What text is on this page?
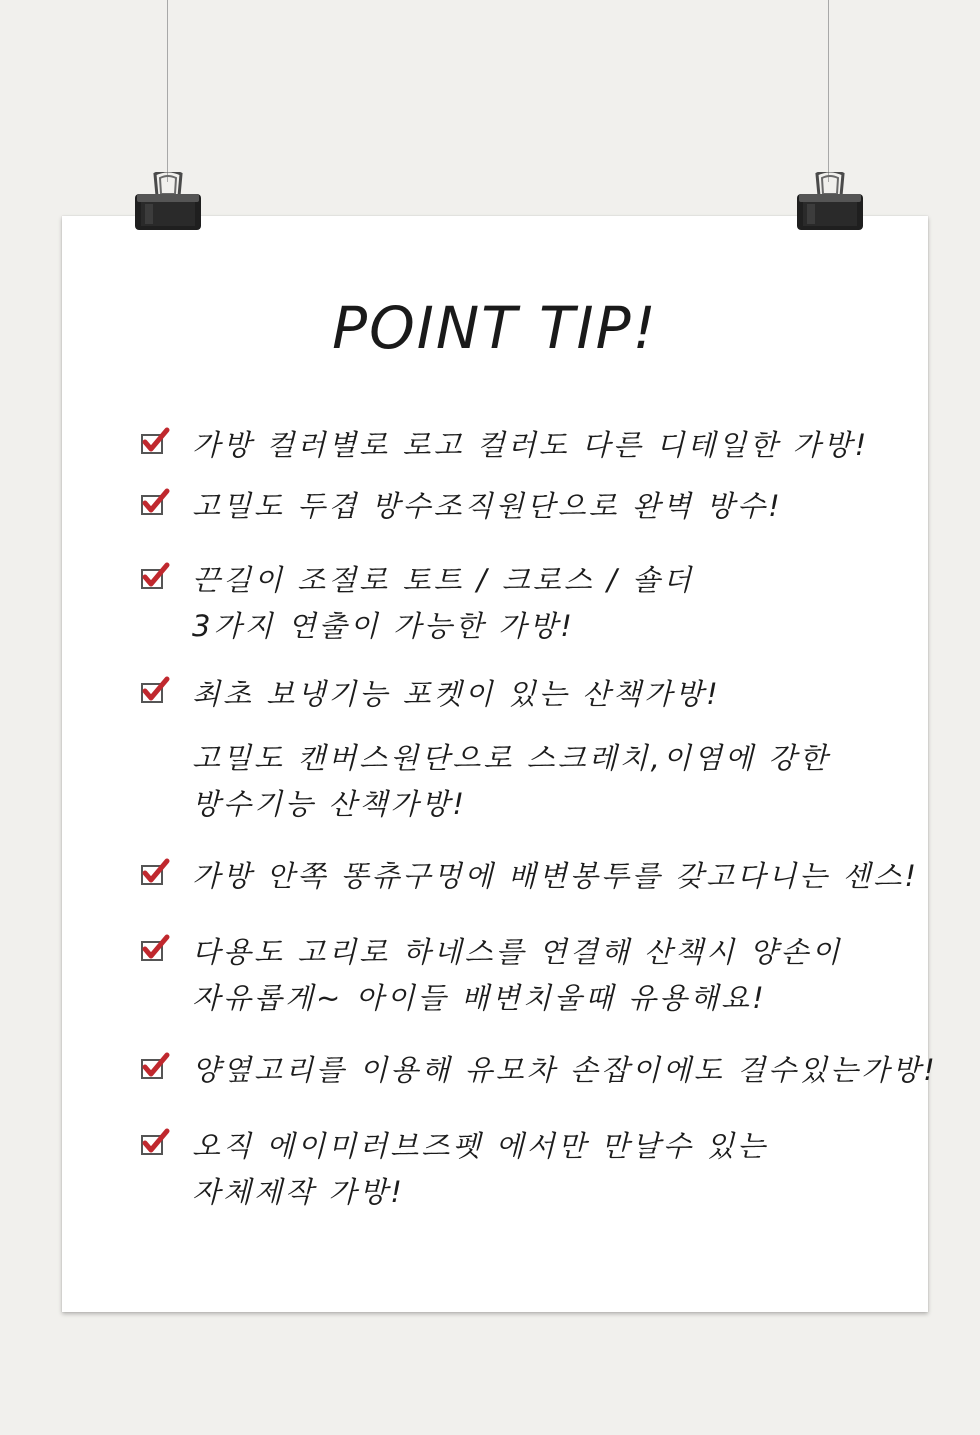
POINT TIP!
가방 컬러별로 로고 컬러도 다른 디테일한 가방!
고밀도 두겹 방수조직원단으로 완벽 방수!
끈길이 조절로 토트 / 크로스 / 숄더
3가지 연출이 가능한 가방!
최초 보냉기능 포켓이 있는 산책가방!
고밀도 캔버스원단으로 스크레치,이염에 강한
방수기능 산책가방!
가방 안쪽 똥츄구멍에 배변봉투를 갖고다니는 센스!
다용도 고리로 하네스를 연결해 산책시 양손이
자유롭게~ 아이들 배변치울때 유용해요!
양옆고리를 이용해 유모차 손잡이에도 걸수있는가방!
오직 에이미러브즈펫 에서만 만날수 있는
자체제작 가방!
